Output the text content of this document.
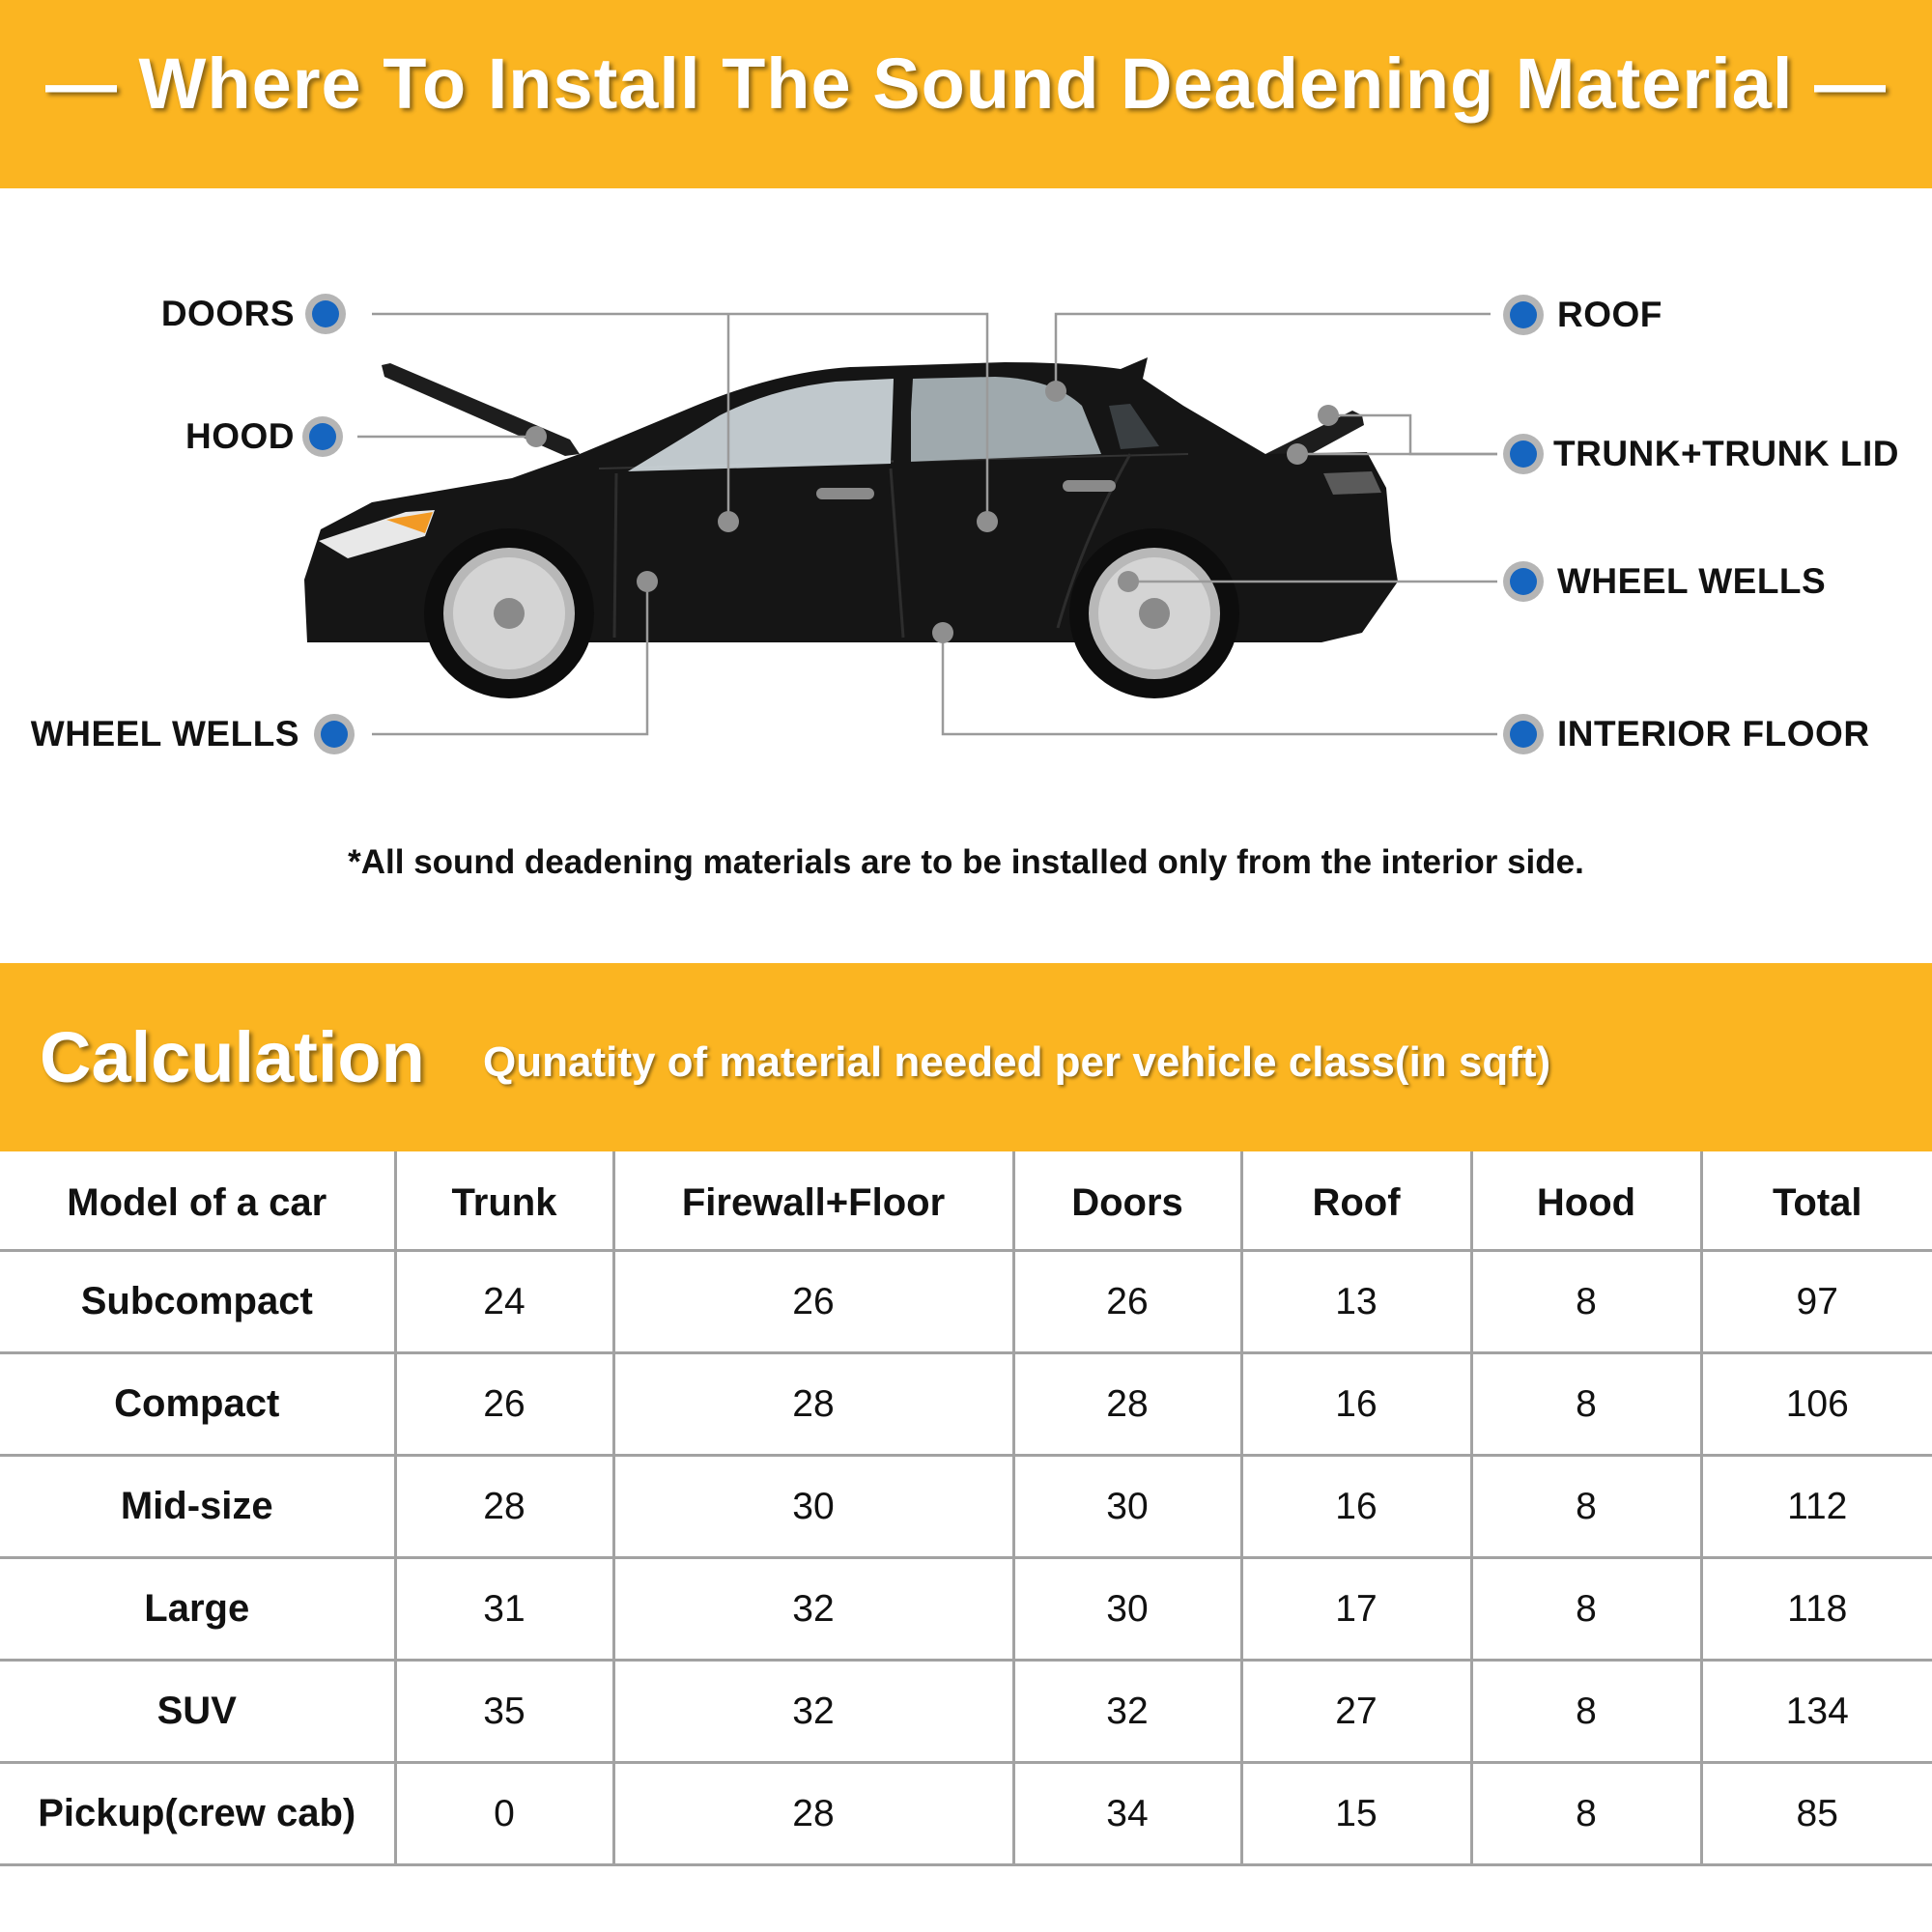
— Where To Install The Sound Deadening Material —
DOORS
HOOD
WHEEL WELLS
ROOF
TRUNK+TRUNK LID
WHEEL WELLS
INTERIOR FLOOR
*All sound deadening materials are to be installed only from the interior side.
Calculation Qunatity of material needed per vehicle class(in sqft)
Model of a car	Trunk	Firewall+Floor	Doors	Roof	Hood	Total
Subcompact	24	26	26	13	8	97
Compact	26	28	28	16	8	106
Mid-size	28	30	30	16	8	112
Large	31	32	30	17	8	118
SUV	35	32	32	27	8	134
Pickup(crew cab)	0	28	34	15	8	85
